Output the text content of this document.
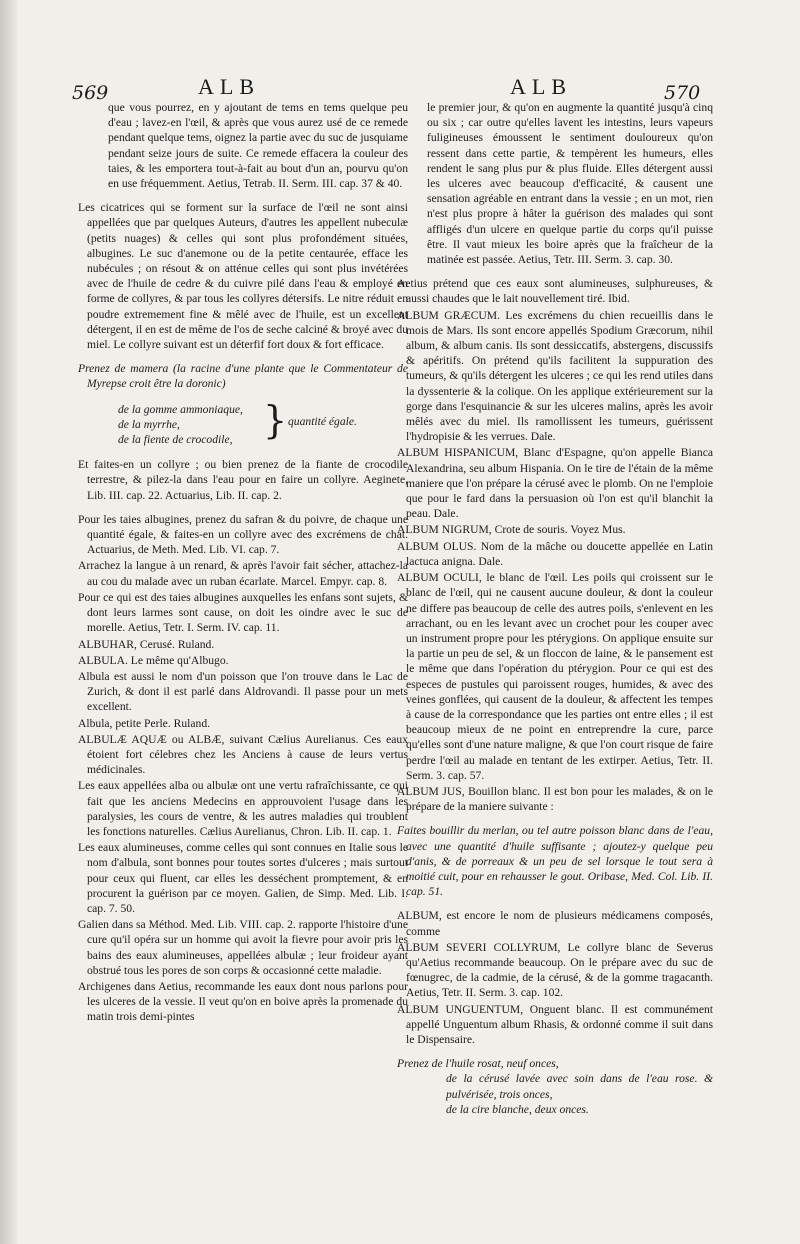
569	ALB	ALB	570

que vous pourrez, en y ajoutant de tems en tems quelque peu d'eau ; lavez-en l'œil, & après que vous aurez usé de ce remede pendant quelque tems, oignez la partie avec du suc de jusquiame pendant seize jours de suite. Ce remede effacera la couleur des taies, & les emportera tout-à-fait au bout d'un an, pourvu qu'on en use fréquemment. Aetius, Tetrab. II. Serm. III. cap. 37 & 40.

Les cicatrices qui se forment sur la surface de l'œil ne sont ainsi appellées que par quelques Auteurs, d'autres les appellent nubeculæ (petits nuages) & celles qui sont plus profondément situées, albugines. Le suc d'anemone ou de la petite centaurée, efface les nubécules ; on résout & on atténue celles qui sont plus invétérées avec de l'huile de cedre & du cuivre pilé dans l'eau & employé en forme de collyres, & par tous les collyres détersifs. Le nitre réduit en poudre extremement fine & mêlé avec de l'huile, est un excellent détergent, il en est de même de l'os de seche calciné & broyé avec du miel. Le collyre suivant est un déterfif fort doux & fort efficace.

Prenez de mamera (la racine d'une plante que le Commentateur de Myrepse croit être la doronic)
de la gomme ammoniaque,
de la myrrhe,
de la fiente de crocodile, } quantité égale.

Et faites-en un collyre ; ou bien prenez de la fiante de crocodile terrestre, & pilez-la dans l'eau pour en faire un collyre. Aeginete, Lib. III. cap. 22. Actuarius, Lib. II. cap. 2.

Pour les taies albugines, prenez du safran & du poivre, de chaque une quantité égale, & faites-en un collyre avec des excrémens de chat. Actuarius, de Meth. Med. Lib. VI. cap. 7.

Arrachez la langue à un renard, & après l'avoir fait sécher, attachez-la au cou du malade avec un ruban écarlate. Marcel. Empyr. cap. 8.

Pour ce qui est des taies albugines auxquelles les enfans sont sujets, & dont leurs larmes sont cause, on doit les oindre avec le suc de morelle. Aetius, Tetr. I. Serm. IV. cap. 11.

ALBUHAR, Cerusé. Ruland.

ALBULA. Le même qu'Albugo.

Albula est aussi le nom d'un poisson que l'on trouve dans le Lac de Zurich, & dont il est parlé dans Aldrovandi. Il passe pour un mets excellent.

Albula, petite Perle. Ruland.

ALBULÆ AQUÆ ou ALBÆ, suivant Cælius Aurelianus. Ces eaux étoient fort célebres chez les Anciens à cause de leurs vertus médicinales.

Les eaux appellées alba ou albulæ ont une vertu rafraîchissante, ce qui fait que les anciens Medecins en approuvoient l'usage dans les paralysies, les cours de ventre, & les autres maladies qui troublent les fonctions naturelles. Cælius Aurelianus, Chron. Lib. II. cap. 1.

Les eaux alumineuses, comme celles qui sont connues en Italie sous le nom d'albula, sont bonnes pour toutes sortes d'ulceres ; mais surtout pour ceux qui fluent, car elles les desséchent promptement, & en procurent la guérison par ce moyen. Galien, de Simp. Med. Lib. I. cap. 7. 50.

Galien dans sa Méthod. Med. Lib. VIII. cap. 2. rapporte l'histoire d'une cure qu'il opéra sur un homme qui avoit la fievre pour avoir pris les bains des eaux alumineuses, appellées albulæ ; leur froideur ayant obstrué tous les pores de son corps & occasionné cette maladie.

Archigenes dans Aetius, recommande les eaux dont nous parlons pour les ulceres de la vessie. Il veut qu'on en boive après la promenade du matin trois demi-pintes

le premier jour, & qu'on en augmente la quantité jusqu'à cinq ou six ; car outre qu'elles lavent les intestins, leurs vapeurs fuligineuses émoussent le sentiment douloureux qu'on ressent dans cette partie, & tempèrent les humeurs, elles rendent le sang plus pur & plus fluide. Elles détergent aussi les ulceres avec beaucoup d'efficacité, & causent une sensation agréable en entrant dans la vessie ; en un mot, rien n'est plus propre à hâter la guérison des malades qui sont affligés d'un ulcere en quelque partie du corps qu'il puisse être. Il vaut mieux les boire après que la fraîcheur de la matinée est passée. Aetius, Tetr. III. Serm. 3. cap. 30.

Aetius prétend que ces eaux sont alumineuses, sulphureuses, & aussi chaudes que le lait nouvellement tiré. Ibid.

ALBUM GRÆCUM. Les excrémens du chien recueillis dans le mois de Mars. Ils sont encore appellés Spodium Græcorum, nihil album, & album canis. Ils sont dessiccatifs, abstergens, discussifs & apéritifs. On prétend qu'ils facilitent la suppuration des tumeurs, & qu'ils détergent les ulceres ; ce qui les rend utiles dans la dyssenterie & la colique. On les applique extérieurement sur la gorge dans l'esquinancie & sur les ulceres malins, après les avoir mêlés avec du miel. Ils ramollissent les tumeurs, guérissent l'hydropisie & les verrues. Dale.

ALBUM HISPANICUM, Blanc d'Espagne, qu'on appelle Bianca Alexandrina, seu album Hispania. On le tire de l'étain de la même maniere que l'on prépare la cérusé avec le plomb. On ne l'emploie que pour le fard dans la persuasion où l'on est qu'il blanchit la peau. Dale.

ALBUM NIGRUM, Crote de souris. Voyez Mus.

ALBUM OLUS. Nom de la mâche ou doucette appellée en Latin lactuca anigna. Dale.

ALBUM OCULI, le blanc de l'œil. Les poils qui croissent sur le blanc de l'œil, qui ne causent aucune douleur, & dont la couleur ne differe pas beaucoup de celle des autres poils, s'enlevent en les arrachant, ou en les levant avec un crochet pour les couper avec un instrument propre pour les ptérygions. On applique ensuite sur la partie un peu de sel, & un floccon de laine, & le pansement est le même que dans l'opération du ptérygion. Pour ce qui est des especes de pustules qui paroissent rouges, humides, & avec des veines gonflées, qui causent de la douleur, & affectent les tempes à cause de la correspondance que les parties ont entre elles ; il est beaucoup mieux de ne point en entreprendre la cure, parce qu'elles sont d'une nature maligne, & que l'on court risque de faire perdre l'œil au malade en tentant de les extirper. Aetius, Tetr. II. Serm. 3. cap. 57.

ALBUM JUS, Bouillon blanc. Il est bon pour les malades, & on le prépare de la maniere suivante :

Faites bouillir du merlan, ou tel autre poisson blanc dans de l'eau, avec une quantité d'huile suffisante ; ajoutez-y quelque peu d'anis, & de porreaux & un peu de sel lorsque le tout sera à moitié cuit, pour en rehausser le gout. Oribase, Med. Col. Lib. II. cap. 51.

ALBUM, est encore le nom de plusieurs médicamens composés, comme

ALBUM SEVERI COLLYRUM, Le collyre blanc de Severus qu'Aetius recommande beaucoup. On le prépare avec du suc de fœnugrec, de la cadmie, de la cérusé, & de la gomme tragacanth. Aetius, Tetr. II. Serm. 3. cap. 102.

ALBUM UNGUENTUM, Onguent blanc. Il est communément appellé Unguentum album Rhasis, & ordonné comme il suit dans le Dispensaire.

Prenez de l'huile rosat, neuf onces,
de la cérusé lavée avec soin dans de l'eau rose. & pulvérisée, trois onces,
de la cire blanche, deux onces.
